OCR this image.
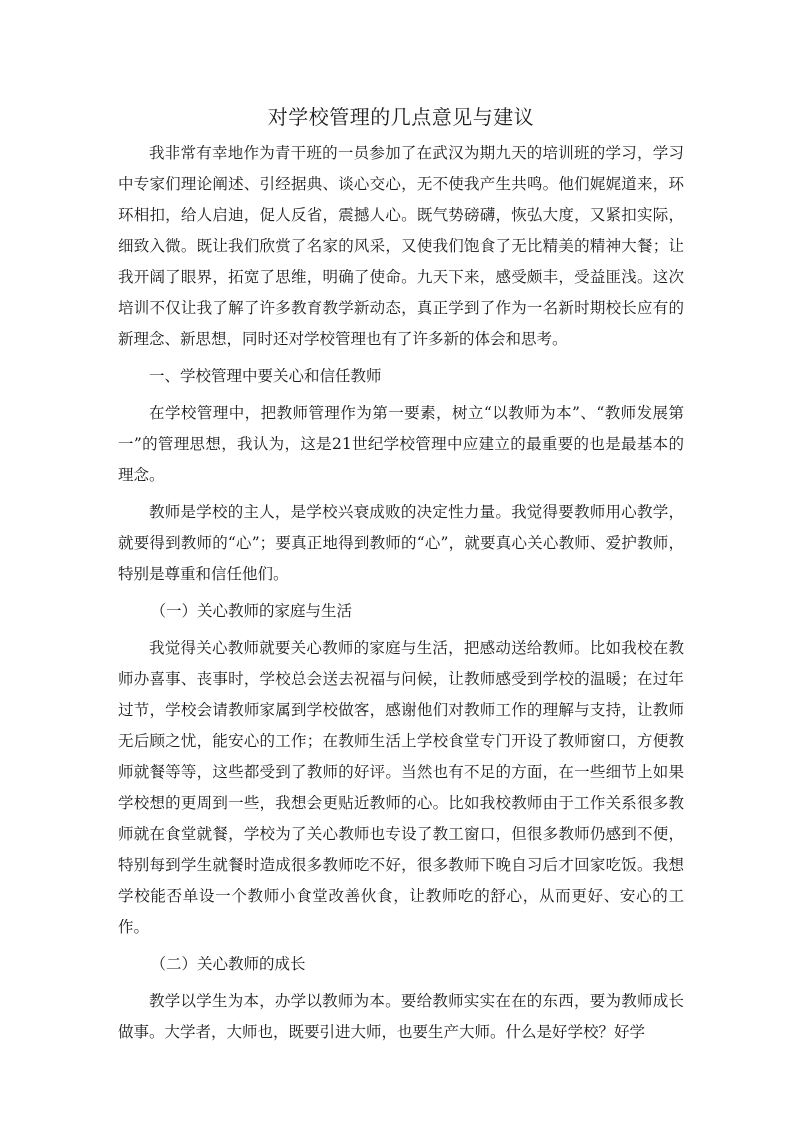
对学校管理的几点意见与建议

我非常有幸地作为青干班的一员参加了在武汉为期九天的培训班的学习，学习中专家们理论阐述、引经据典、谈心交心，无不使我产生共鸣。他们娓娓道来，环环相扣，给人启迪，促人反省，震撼人心。既气势磅礴，恢弘大度，又紧扣实际，细致入微。既让我们欣赏了名家的风采，又使我们饱食了无比精美的精神大餐；让我开阔了眼界，拓宽了思维，明确了使命。九天下来，感受颇丰，受益匪浅。这次培训不仅让我了解了许多教育教学新动态，真正学到了作为一名新时期校长应有的新理念、新思想，同时还对学校管理也有了许多新的体会和思考。

一、学校管理中要关心和信任教师

在学校管理中，把教师管理作为第一要素，树立“以教师为本”、“教师发展第一”的管理思想，我认为，这是21世纪学校管理中应建立的最重要的也是最基本的理念。

教师是学校的主人，是学校兴衰成败的决定性力量。我觉得要教师用心教学，就要得到教师的“心”；要真正地得到教师的“心”，就要真心关心教师、爱护教师，特别是尊重和信任他们。

（一）关心教师的家庭与生活

我觉得关心教师就要关心教师的家庭与生活，把感动送给教师。比如我校在教师办喜事、丧事时，学校总会送去祝福与问候，让教师感受到学校的温暖；在过年过节，学校会请教师家属到学校做客，感谢他们对教师工作的理解与支持，让教师无后顾之忧，能安心的工作；在教师生活上学校食堂专门开设了教师窗口，方便教师就餐等等，这些都受到了教师的好评。当然也有不足的方面，在一些细节上如果学校想的更周到一些，我想会更贴近教师的心。比如我校教师由于工作关系很多教师就在食堂就餐，学校为了关心教师也专设了教工窗口，但很多教师仍感到不便，特别每到学生就餐时造成很多教师吃不好，很多教师下晚自习后才回家吃饭。我想学校能否单设一个教师小食堂改善伙食，让教师吃的舒心，从而更好、安心的工作。

（二）关心教师的成长

教学以学生为本，办学以教师为本。要给教师实实在在的东西，要为教师成长做事。大学者，大师也，既要引进大师，也要生产大师。什么是好学校？好学
